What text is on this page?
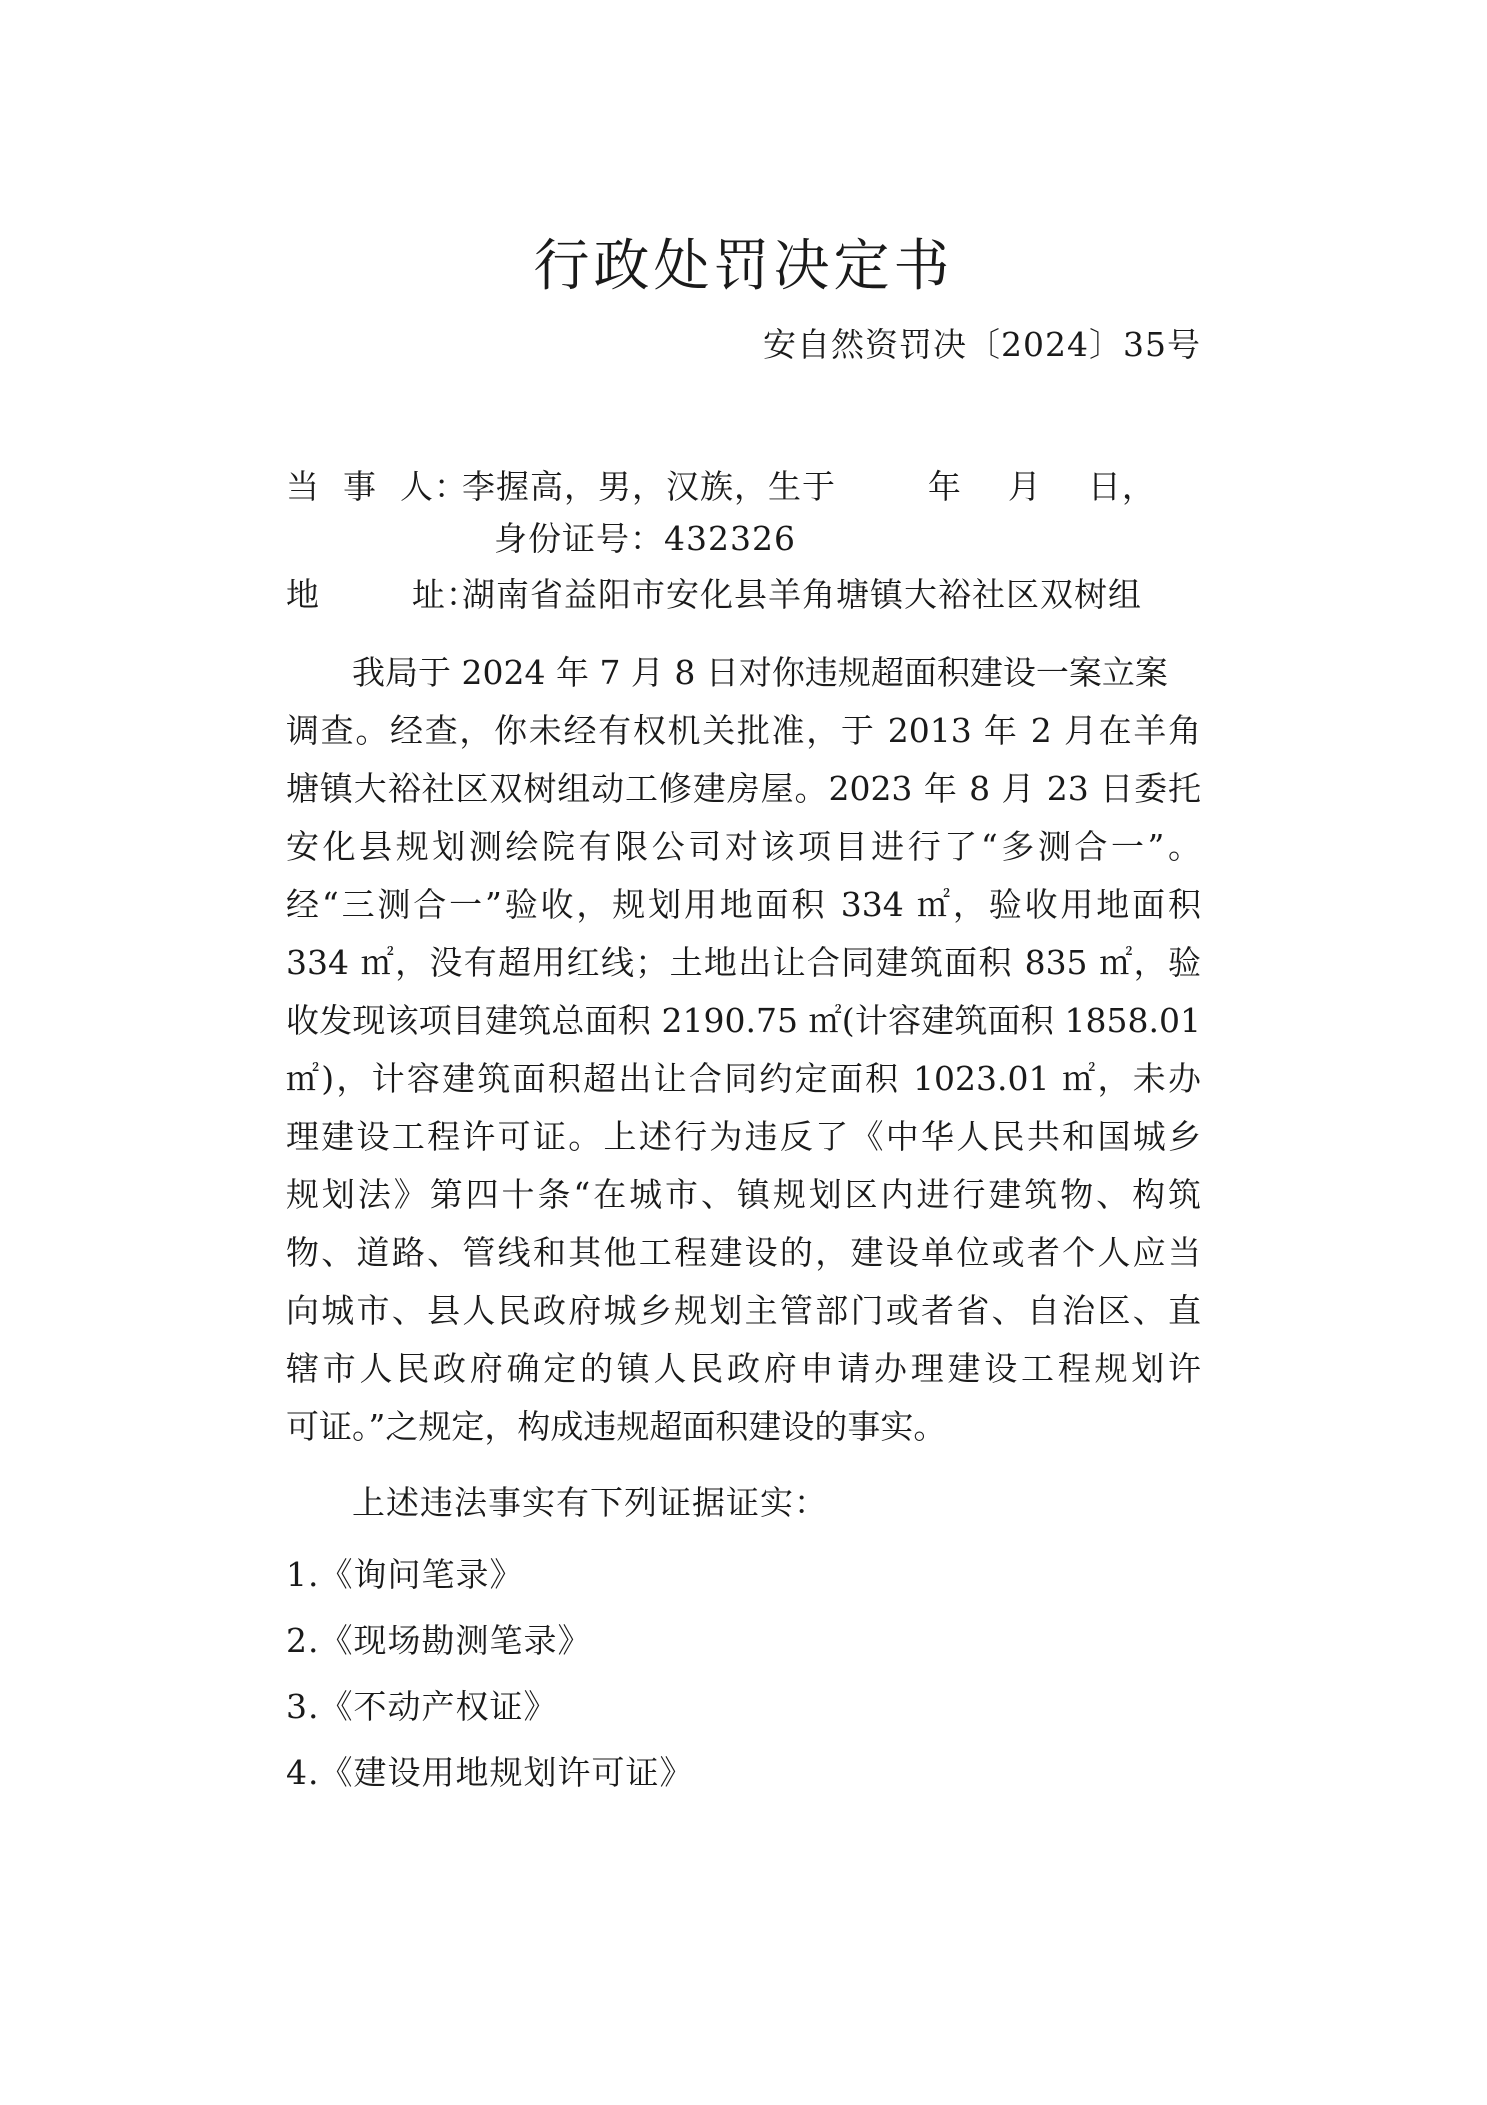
行政处罚决定书
安自然资罚决〔2024〕35号
当  事  人：李握高，男，汉族，生于        年    月    日，
身份证号：432326
地        址：湖南省益阳市安化县羊角塘镇大裕社区双树组
我局于 2024 年 7 月 8 日对你违规超面积建设一案立案
调查。经查，你未经有权机关批准，于 2013 年 2 月在羊角
塘镇大裕社区双树组动工修建房屋。2023 年 8 月 23 日委托
安化县规划测绘院有限公司对该项目进行了“多测合一”。
经“三测合一”验收，规划用地面积 334 ㎡，验收用地面积
334 ㎡，没有超用红线；土地出让合同建筑面积 835 ㎡，验
收发现该项目建筑总面积 2190.75 ㎡(计容建筑面积 1858.01
㎡)，计容建筑面积超出让合同约定面积 1023.01 ㎡，未办
理建设工程许可证。上述行为违反了《中华人民共和国城乡
规划法》第四十条“在城市、镇规划区内进行建筑物、构筑
物、道路、管线和其他工程建设的，建设单位或者个人应当
向城市、县人民政府城乡规划主管部门或者省、自治区、直
辖市人民政府确定的镇人民政府申请办理建设工程规划许
可证。”之规定，构成违规超面积建设的事实。
上述违法事实有下列证据证实：
1.《询问笔录》
2.《现场勘测笔录》
3.《不动产权证》
4.《建设用地规划许可证》
